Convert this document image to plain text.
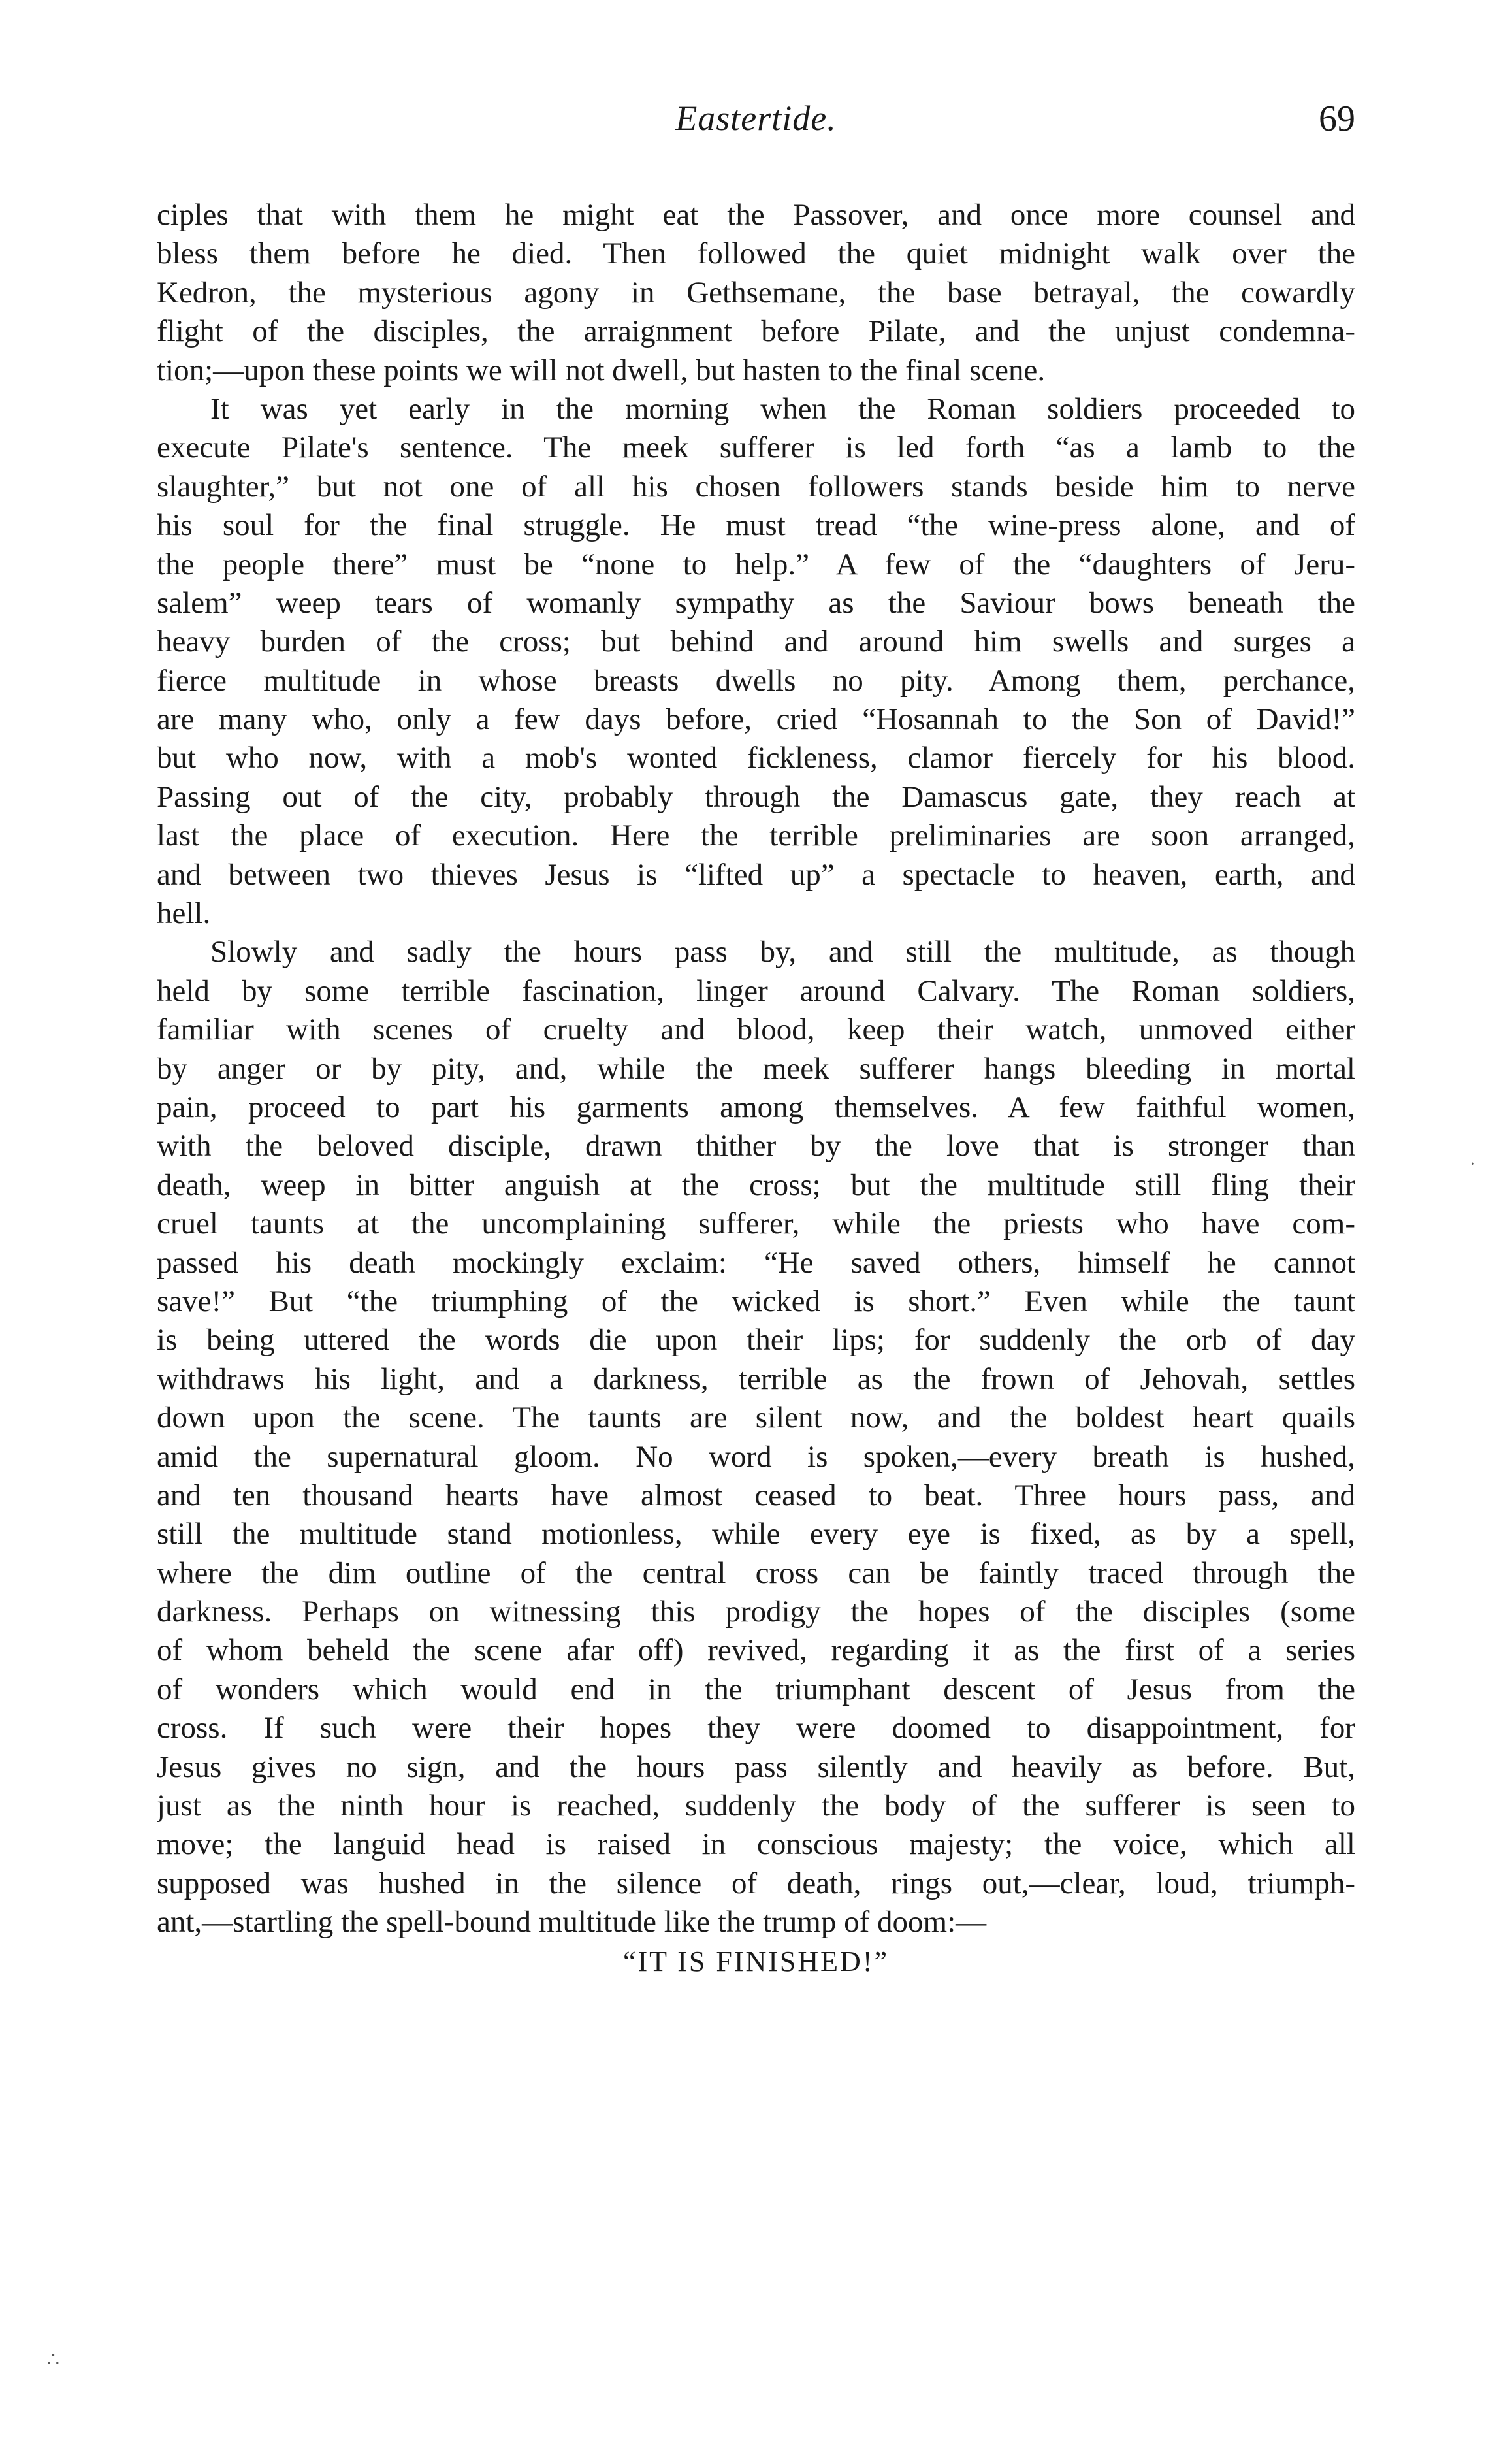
Eastertide.	69
ciples that with them he might eat the Passover, and once more counsel and
bless them before he died. Then followed the quiet midnight walk over the
Kedron, the mysterious agony in Gethsemane, the base betrayal, the cowardly
flight of the disciples, the arraignment before Pilate, and the unjust condemna-
tion;—upon these points we will not dwell, but hasten to the final scene.
It was yet early in the morning when the Roman soldiers proceeded to
execute Pilate's sentence. The meek sufferer is led forth “as a lamb to the
slaughter,” but not one of all his chosen followers stands beside him to nerve
his soul for the final struggle. He must tread “the wine-press alone, and of
the people there” must be “none to help.” A few of the “daughters of Jeru-
salem” weep tears of womanly sympathy as the Saviour bows beneath the
heavy burden of the cross; but behind and around him swells and surges a
fierce multitude in whose breasts dwells no pity. Among them, perchance,
are many who, only a few days before, cried “Hosannah to the Son of David!”
but who now, with a mob's wonted fickleness, clamor fiercely for his blood.
Passing out of the city, probably through the Damascus gate, they reach at
last the place of execution. Here the terrible preliminaries are soon arranged,
and between two thieves Jesus is “lifted up” a spectacle to heaven, earth, and
hell.
Slowly and sadly the hours pass by, and still the multitude, as though
held by some terrible fascination, linger around Calvary. The Roman soldiers,
familiar with scenes of cruelty and blood, keep their watch, unmoved either
by anger or by pity, and, while the meek sufferer hangs bleeding in mortal
pain, proceed to part his garments among themselves. A few faithful women,
with the beloved disciple, drawn thither by the love that is stronger than
death, weep in bitter anguish at the cross; but the multitude still fling their
cruel taunts at the uncomplaining sufferer, while the priests who have com-
passed his death mockingly exclaim: “He saved others, himself he cannot
save!” But “the triumphing of the wicked is short.” Even while the taunt
is being uttered the words die upon their lips; for suddenly the orb of day
withdraws his light, and a darkness, terrible as the frown of Jehovah, settles
down upon the scene. The taunts are silent now, and the boldest heart quails
amid the supernatural gloom. No word is spoken,—every breath is hushed,
and ten thousand hearts have almost ceased to beat. Three hours pass, and
still the multitude stand motionless, while every eye is fixed, as by a spell,
where the dim outline of the central cross can be faintly traced through the
darkness. Perhaps on witnessing this prodigy the hopes of the disciples (some
of whom beheld the scene afar off) revived, regarding it as the first of a series
of wonders which would end in the triumphant descent of Jesus from the
cross. If such were their hopes they were doomed to disappointment, for
Jesus gives no sign, and the hours pass silently and heavily as before. But,
just as the ninth hour is reached, suddenly the body of the sufferer is seen to
move; the languid head is raised in conscious majesty; the voice, which all
supposed was hushed in the silence of death, rings out,—clear, loud, triumph-
ant,—startling the spell-bound multitude like the trump of doom:—
“IT IS FINISHED!”
·
∴
